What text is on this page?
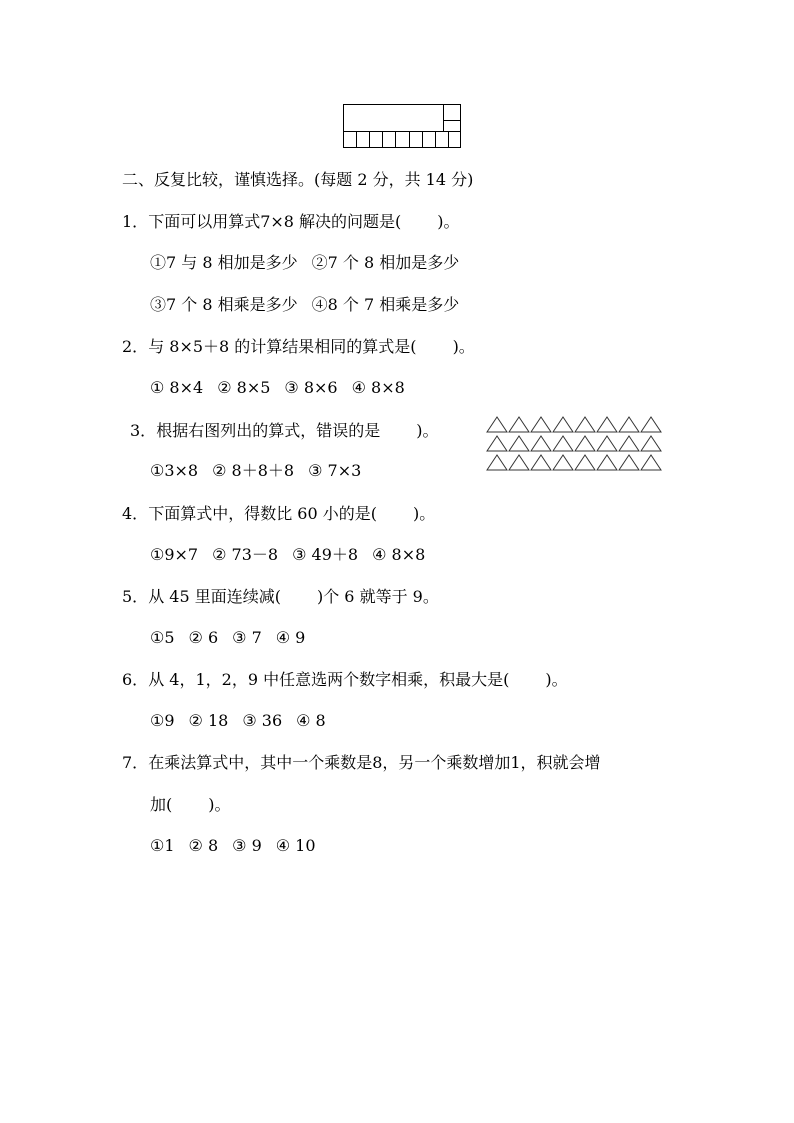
二、反复比较，谨慎选择。(每题 2 分，共 14 分)
1．下面可以用算式7×8 解决的问题是( )。
①7 与 8 相加是多少 ②7 个 8 相加是多少
③7 个 8 相乘是多少 ④8 个 7 相乘是多少
2．与 8×5＋8 的计算结果相同的算式是( )。
① 8×4 ② 8×5 ③ 8×6 ④ 8×8
3．根据右图列出的算式，错误的是 )。
①3×8 ② 8＋8＋8 ③ 7×3
4．下面算式中，得数比 60 小的是( )。
①9×7 ② 73－8 ③ 49＋8 ④ 8×8
5．从 45 里面连续减( )个 6 就等于 9。
①5 ② 6 ③ 7 ④ 9
6．从 4，1，2，9 中任意选两个数字相乘，积最大是( )。
①9 ② 18 ③ 36 ④ 8
7．在乘法算式中，其中一个乘数是8，另一个乘数增加1，积就会增
加( )。
①1 ② 8 ③ 9 ④ 10
